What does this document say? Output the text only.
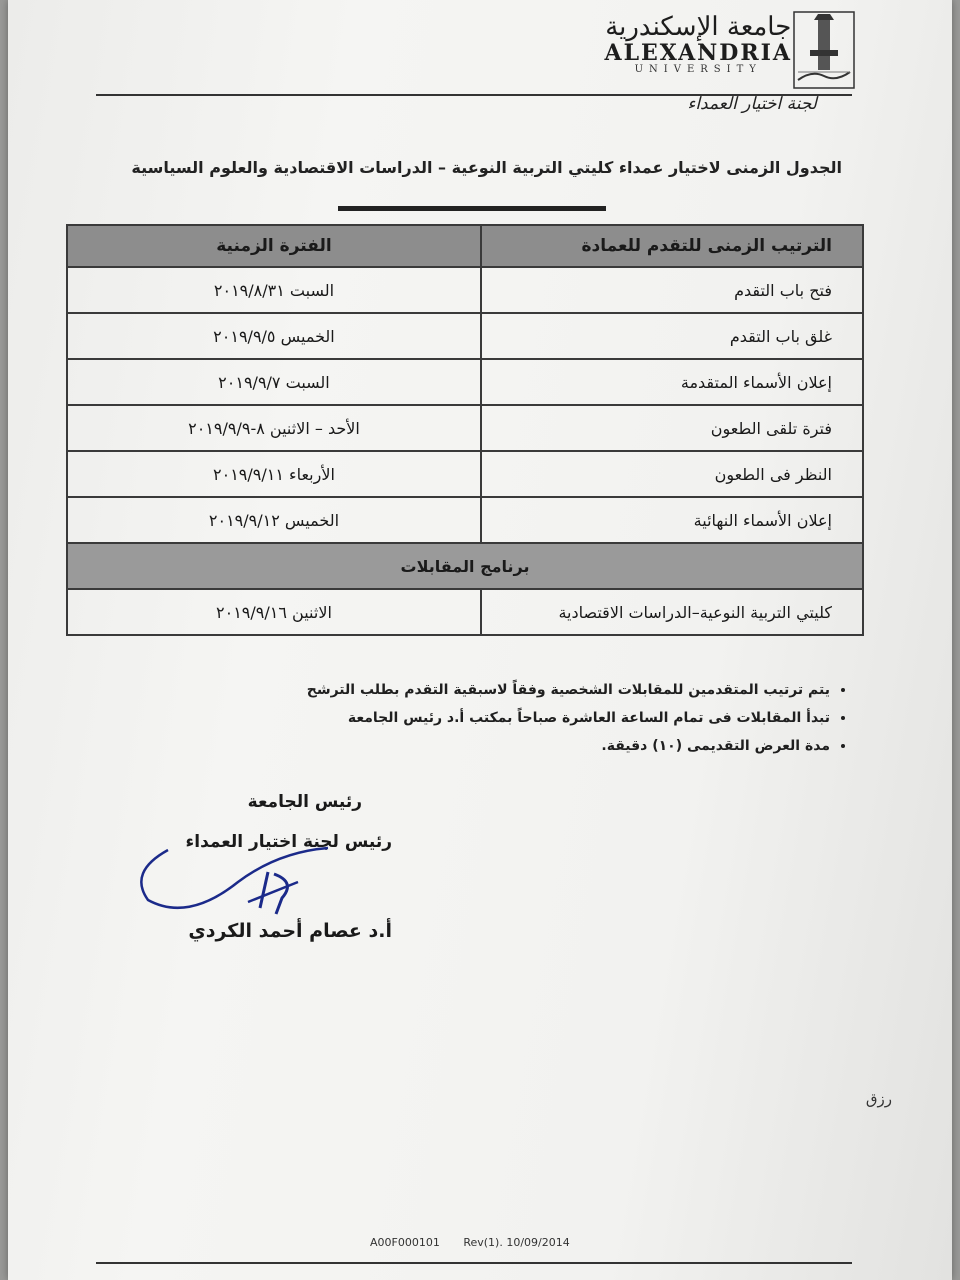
جامعة الإسكندرية
ALEXANDRIA
UNIVERSITY
لجنة اختيار العمداء
الجدول الزمنى لاختيار عمداء كليتي التربية النوعية – الدراسات الاقتصادية والعلوم السياسية
الترتيب الزمنى للتقدم للعمادة	الفترة الزمنية
فتح باب التقدم	السبت ٢٠١٩/٨/٣١
غلق باب التقدم	الخميس ٢٠١٩/٩/٥
إعلان الأسماء المتقدمة	السبت ٢٠١٩/٩/٧
فترة تلقى الطعون	الأحد – الاثنين ٨-٢٠١٩/٩/٩
النظر فى الطعون	الأربعاء ٢٠١٩/٩/١١
إعلان الأسماء النهائية	الخميس ٢٠١٩/٩/١٢
برنامج المقابلات	
كليتي التربية النوعية–الدراسات الاقتصادية	الاثنين ٢٠١٩/٩/١٦
• يتم ترتيب المتقدمين للمقابلات الشخصية وفقاً لاسبقية التقدم بطلب الترشح
• تبدأ المقابلات فى تمام الساعة العاشرة صباحاً بمكتب أ.د رئيس الجامعة
• مدة العرض التقديمى (١٠) دقيقة.
رئيس الجامعة
رئيس لجنة اختيار العمداء
أ.د عصام أحمد الكردي
رزق
A00F000101 Rev(1). 10/09/2014
